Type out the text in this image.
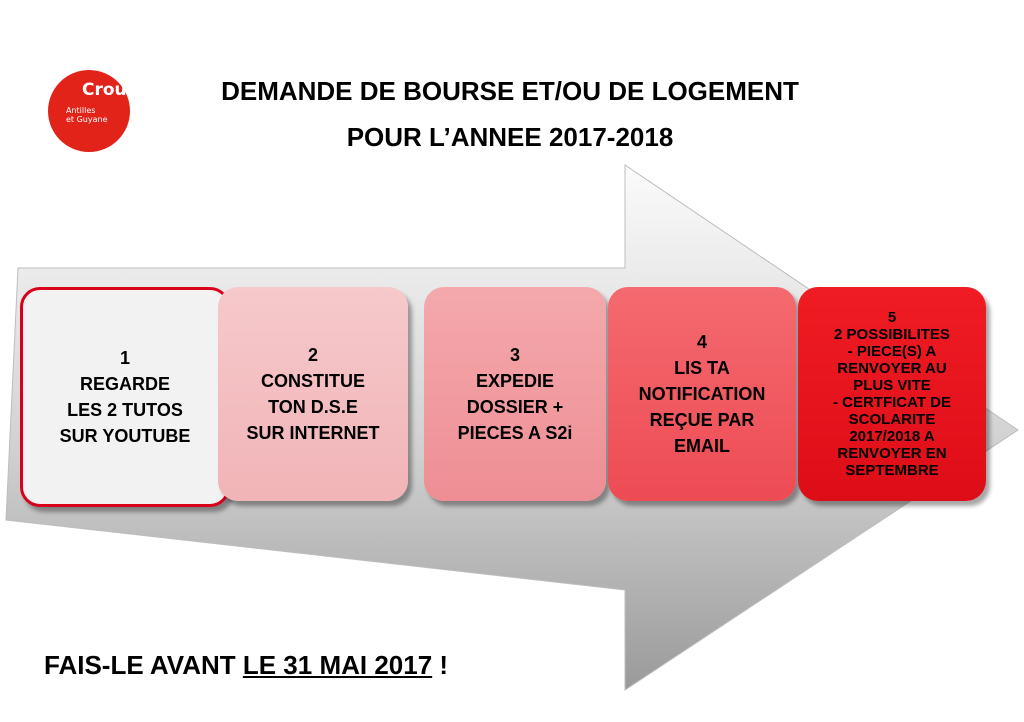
Crous
Antilles
et Guyane
DEMANDE DE BOURSE ET/OU DE LOGEMENT
POUR L’ANNEE 2017-2018
1
REGARDE
LES 2 TUTOS
SUR YOUTUBE
2
CONSTITUE
TON D.S.E
SUR INTERNET
3
EXPEDIE
DOSSIER +
PIECES A S2i
4
LIS TA
NOTIFICATION
REÇUE PAR
EMAIL
5
2 POSSIBILITES
- PIECE(S) A
RENVOYER AU
PLUS VITE
- CERTFICAT DE
SCOLARITE
2017/2018 A
RENVOYER EN
SEPTEMBRE
FAIS-LE AVANT LE 31 MAI 2017 !
